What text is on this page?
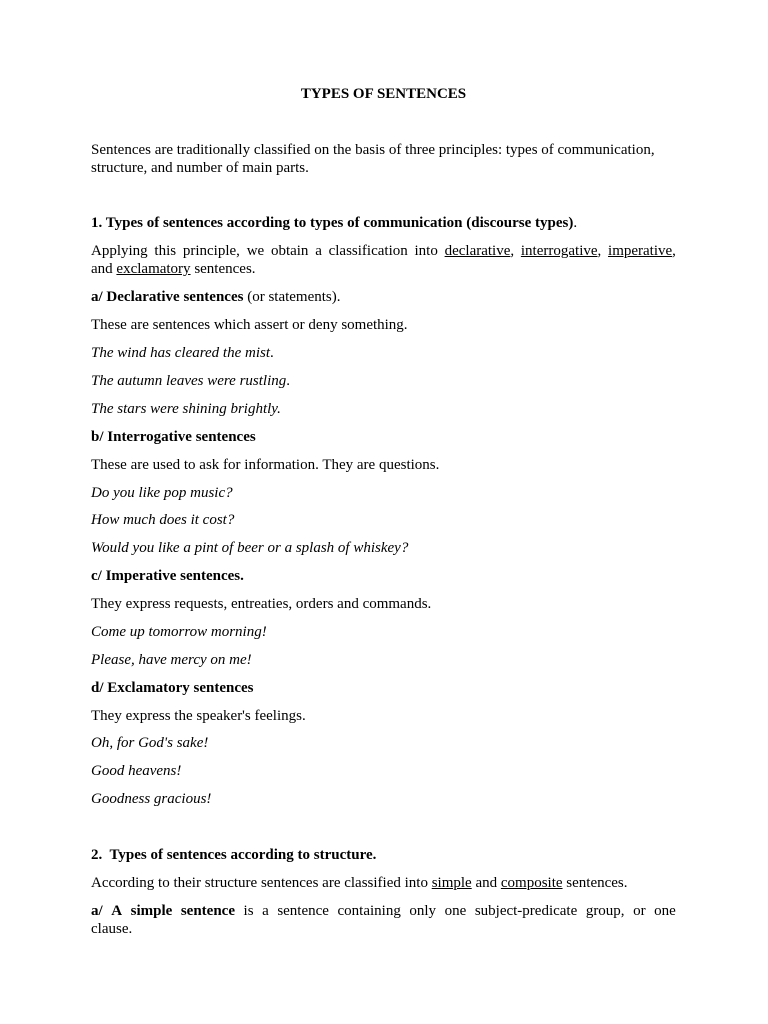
TYPES OF SENTENCES
Sentences are traditionally classified on the basis of three principles: types of communication,
structure, and number of main parts.
1. Types of sentences according to types of communication (discourse types).
Applying this principle, we obtain a classification into declarative, interrogative, imperative,
and exclamatory sentences.
a/ Declarative sentences (or statements).
These are sentences which assert or deny something.
The wind has cleared the mist.
The autumn leaves were rustling.
The stars were shining brightly.
b/ Interrogative sentences
These are used to ask for information. They are questions.
Do you like pop music?
How much does it cost?
Would you like a pint of beer or a splash of whiskey?
c/ Imperative sentences.
They express requests, entreaties, orders and commands.
Come up tomorrow morning!
Please, have mercy on me!
d/ Exclamatory sentences
They express the speaker's feelings.
Oh, for God's sake!
Good heavens!
Goodness gracious!
2.  Types of sentences according to structure.
According to their structure sentences are classified into simple and composite sentences.
a/ A simple sentence is a sentence containing only one subject-predicate group, or one
clause.
